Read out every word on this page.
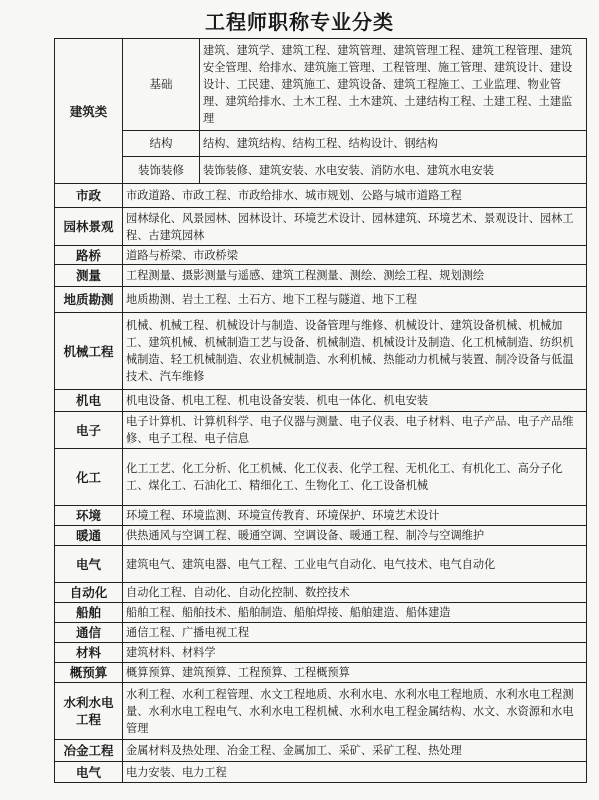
工程师职称专业分类
建筑类	基础	建筑、建筑学、建筑工程、建筑管理、建筑管理工程、建筑工程管理、建筑安全管理、给排水、建筑施工管理、工程管理、施工管理、建筑设计、建设设计、工民建、建筑施工、建筑设备、建筑工程施工、工业监理、物业管理、建筑给排水、土木工程、土木建筑、土建结构工程、土建工程、土建监理
	结构	结构、建筑结构、结构工程、结构设计、钢结构
	装饰装修	装饰装修、建筑安装、水电安装、消防水电、建筑水电安装
市政	市政道路、市政工程、市政给排水、城市规划、公路与城市道路工程	
园林景观	园林绿化、风景园林、园林设计、环境艺术设计、园林建筑、环境艺术、景观设计、园林工程、古建筑园林	
路桥	道路与桥梁、市政桥梁	
测量	工程测量、摄影测量与遥感、建筑工程测量、测绘、测绘工程、规划测绘	
地质勘测	地质勘测、岩土工程、土石方、地下工程与隧道、地下工程	
机械工程	机械、机械工程、机械设计与制造、设备管理与维修、机械设计、建筑设备机械、机械加工、建筑机械、机械制造工艺与设备、机械制造、机械设计及制造、化工机械制造、纺织机械制造、轻工机械制造、农业机械制造、水利机械、热能动力机械与装置、制冷设备与低温技术、汽车维修	
机电	机电设备、机电工程、机电设备安装、机电一体化、机电安装	
电子	电子计算机、计算机科学、电子仪器与测量、电子仪表、电子材料、电子产品、电子产品维修、电子工程、电子信息	
化工	化工工艺、化工分析、化工机械、化工仪表、化学工程、无机化工、有机化工、高分子化工、煤化工、石油化工、精细化工、生物化工、化工设备机械	
环境	环境工程、环境监测、环境宣传教育、环境保护、环境艺术设计	
暖通	供热通风与空调工程、暖通空调、空调设备、暖通工程、制冷与空调维护	
电气	建筑电气、建筑电器、电气工程、工业电气自动化、电气技术、电气自动化	
自动化	自动化工程、自动化、自动化控制、数控技术	
船舶	船舶工程、船舶技术、船舶制造、船舶焊接、船舶建造、船体建造	
通信	通信工程、广播电视工程	
材料	建筑材料、材料学	
概预算	概算预算、建筑预算、工程预算、工程概预算	
水利水电工程	水利工程、水利工程管理、水文工程地质、水利水电、水利水电工程地质、水利水电工程测量、水利水电工程电气、水利水电工程机械、水利水电工程金属结构、水文、水资源和水电管理	
冶金工程	金属材料及热处理、冶金工程、金属加工、采矿、采矿工程、热处理	
电气	电力安装、电力工程	
